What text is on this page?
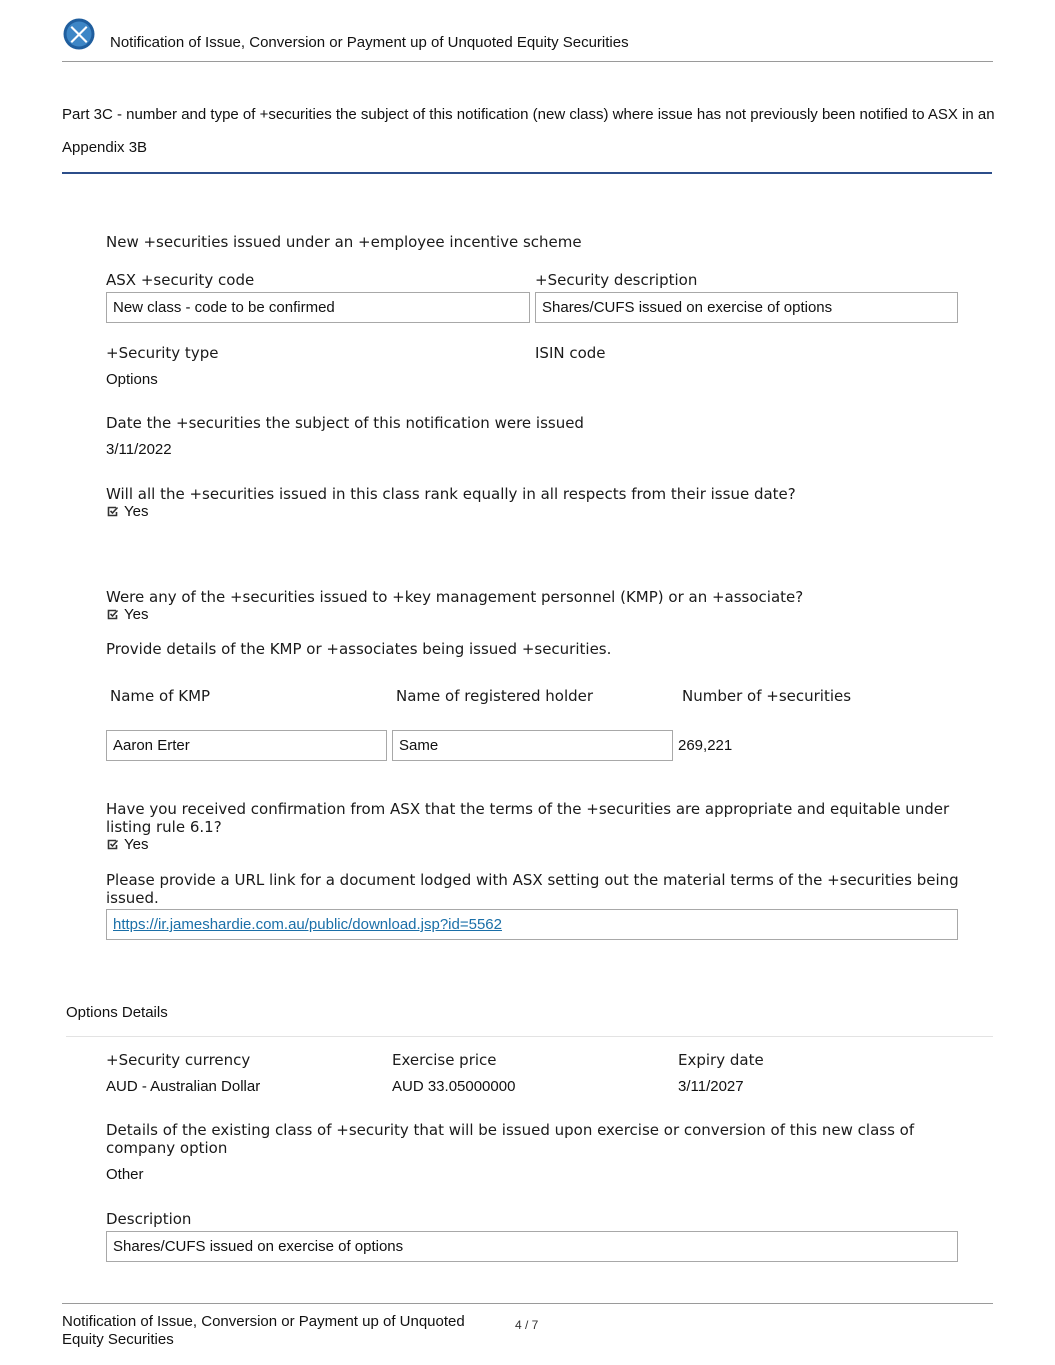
Notification of Issue, Conversion or Payment up of Unquoted Equity Securities
Part 3C - number and type of +securities the subject of this notification (new class) where issue has not previously been notified to ASX in an Appendix 3B
New +securities issued under an +employee incentive scheme
ASX +security code
New class - code to be confirmed
+Security description
Shares/CUFS issued on exercise of options
+Security type
Options
ISIN code
Date the +securities the subject of this notification were issued
3/11/2022
Will all the +securities issued in this class rank equally in all respects from their issue date?
Yes
Were any of the +securities issued to +key management personnel (KMP) or an +associate?
Yes
Provide details of the KMP or +associates being issued +securities.
Name of KMP	Name of registered holder	Number of +securities
Aaron Erter	Same	269,221
Have you received confirmation from ASX that the terms of the +securities are appropriate and equitable under listing rule 6.1?
Yes
Please provide a URL link for a document lodged with ASX setting out the material terms of the +securities being issued.
https://ir.jameshardie.com.au/public/download.jsp?id=5562
Options Details
+Security currency
AUD - Australian Dollar
Exercise price
AUD 33.05000000
Expiry date
3/11/2027
Details of the existing class of +security that will be issued upon exercise or conversion of this new class of company option
Other
Description
Shares/CUFS issued on exercise of options
Notification of Issue, Conversion or Payment up of Unquoted Equity Securities
4 / 7
